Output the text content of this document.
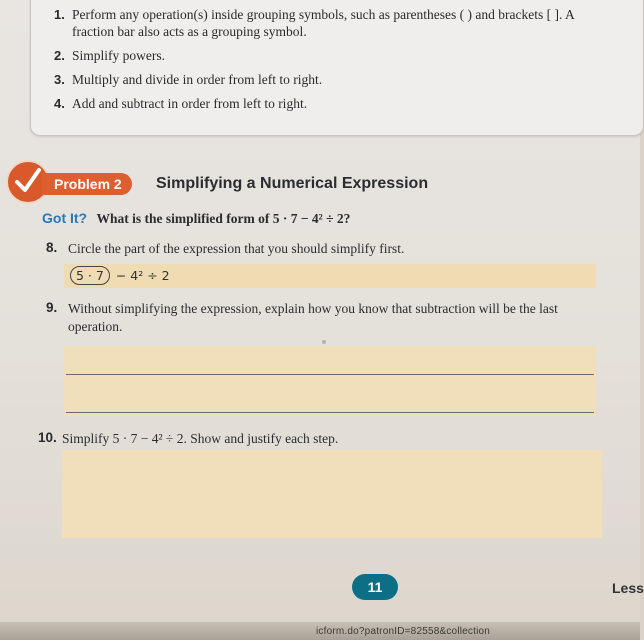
1. Perform any operation(s) inside grouping symbols, such as parentheses ( ) and brackets [ ]. A fraction bar also acts as a grouping symbol.
2. Simplify powers.
3. Multiply and divide in order from left to right.
4. Add and subtract in order from left to right.
Problem 2	Simplifying a Numerical Expression
Got It? What is the simplified form of 5 · 7 − 4² ÷ 2?
8. Circle the part of the expression that you should simplify first.
5 · 7 − 4² ÷ 2
9. Without simplifying the expression, explain how you know that subtraction will be the last operation.
10. Simplify 5 · 7 − 4² ÷ 2. Show and justify each step.
11	Less
icform.do?patronID=82558&collection
